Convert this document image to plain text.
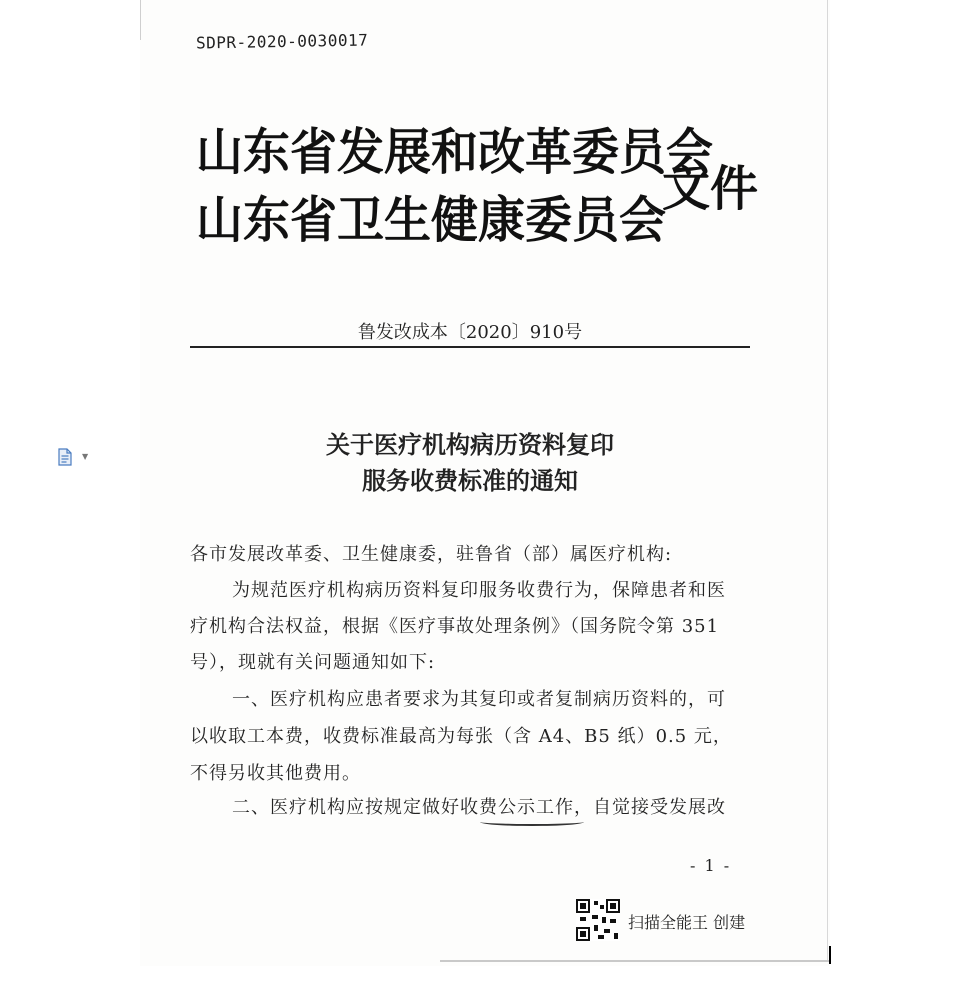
SDPR-2020-0030017
山东省发展和改革委员会
山东省卫生健康委员会
文件
鲁发改成本〔2020〕910号
关于医疗机构病历资料复印
服务收费标准的通知
各市发展改革委、卫生健康委，驻鲁省（部）属医疗机构:
为规范医疗机构病历资料复印服务收费行为，保障患者和医
疗机构合法权益，根据《医疗事故处理条例》（国务院令第 351
号），现就有关问题通知如下:
一、医疗机构应患者要求为其复印或者复制病历资料的，可
以收取工本费，收费标准最高为每张（含 A4、B5 纸）0.5 元，
不得另收其他费用。
二、医疗机构应按规定做好收费公示工作，自觉接受发展改
- 1 -
扫描全能王 创建
▼
